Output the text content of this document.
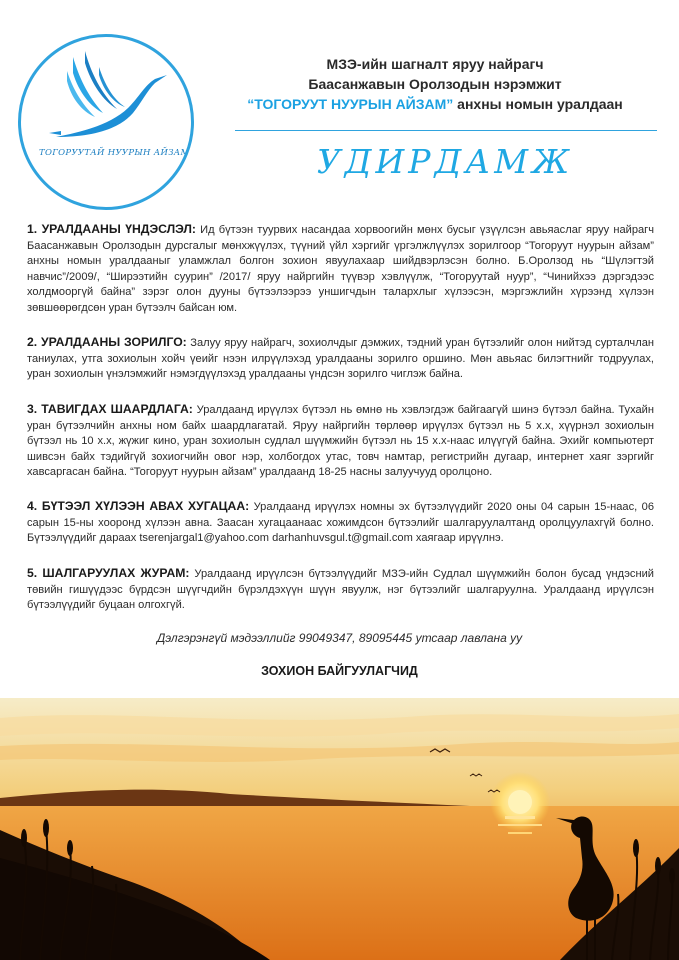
ТОГОРУУТАЙ НУУРЫН АЙЗАМ
МЗЭ-ийн шагналт яруу найрагч
Баасанжавын Оролзодын нэрэмжит
“ТОГОРУУТ НУУРЫН АЙЗАМ” анхны номын уралдаан
УДИРДАМЖ
1. УРАЛДААНЫ ҮНДЭСЛЭЛ: Ид бүтээн туурвих насандаа хорвоогийн мөнх бусыг үзүүлсэн авьяаслаг яруу найрагч Баасанжавын Оролзодын дурсгалыг мөнхжүүлэх, түүний үйл хэргийг үргэлжлүүлэх зорилгоор “Тогоруут нуурын айзам” анхны номын уралдааныг уламжлал болгон зохион явуулахаар шийдвэрлэсэн болно. Б.Оролзод нь “Шүлэгтэй навчис”/2009/, “Ширээтийн суурин” /2017/ яруу найргийн түүвэр хэвлүүлж, “Тогоруутай нуур”, “Чинийхээ дэргэдээс холдмооргүй байна” зэрэг олон дууны бүтээлээрээ уншигчдын талархлыг хүлээсэн, мэргэжлийн хүрээнд хүлээн зөвшөөрөгдсөн уран бүтээлч байсан юм.
2. УРАЛДААНЫ ЗОРИЛГО: Залуу яруу найрагч, зохиолчдыг дэмжих, тэдний уран бүтээлийг олон нийтэд сурталчлан таниулах, утга зохиолын хойч үеийг нээн илрүүлэхэд уралдааны зорилго оршино. Мөн авьяас билэгтнийг тодруулах, уран зохиолын үнэлэмжийг нэмэгдүүлэхэд уралдааны үндсэн зорилго чиглэж байна.
3. ТАВИГДАХ ШААРДЛАГА: Уралдаанд ирүүлэх бүтээл нь өмнө нь хэвлэгдэж байгаагүй шинэ бүтээл байна. Тухайн уран бүтээлчийн анхны ном байх шаардлагатай. Яруу найргийн төрлөөр ирүүлэх бүтээл нь 5 х.х, хүүрнэл зохиолын бүтээл нь 10 х.х, жүжиг кино, уран зохиолын судлал шүүмжийн бүтээл нь 15 х.х-наас илүүгүй байна. Эхийг компьютерт шивсэн байх тэдийгүй зохиогчийн овог нэр, холбогдох утас, товч намтар, регистрийн дугаар, интернет хаяг зэргийг хавсаргасан байна. “Тогоруут нуурын айзам” уралдаанд 18-25 насны залуучууд оролцоно.
4. БҮТЭЭЛ ХҮЛЭЭН АВАХ ХУГАЦАА: Уралдаанд ирүүлэх номны эх бүтээлүүдийг 2020 оны 04 сарын 15-наас, 06 сарын 15-ны хооронд хүлээн авна. Заасан хугацаанаас хожимдсон бүтээлийг шалгаруулалтанд оролцуулахгүй болно. Бүтээлүүдийг дараах tserenjargal1@yahoo.com darhanhuvsgul.t@gmail.com хаягаар ирүүлнэ.
5. ШАЛГАРУУЛАХ ЖУРАМ: Уралдаанд ирүүлсэн бүтээлүүдийг МЗЭ-ийн Судлал шүүмжийн болон бусад үндэсний төвийн гишүүдээс бүрдсэн шүүгчдийн бүрэлдэхүүн шүүн явуулж, нэг бүтээлийг шалгаруулна. Уралдаанд ирүүлсэн бүтээлүүдийг буцаан олгохгүй.
Дэлгэрэнгүй мэдээллийг 99049347, 89095445 утсаар лавлана уу
ЗОХИОН БАЙГУУЛАГЧИД
